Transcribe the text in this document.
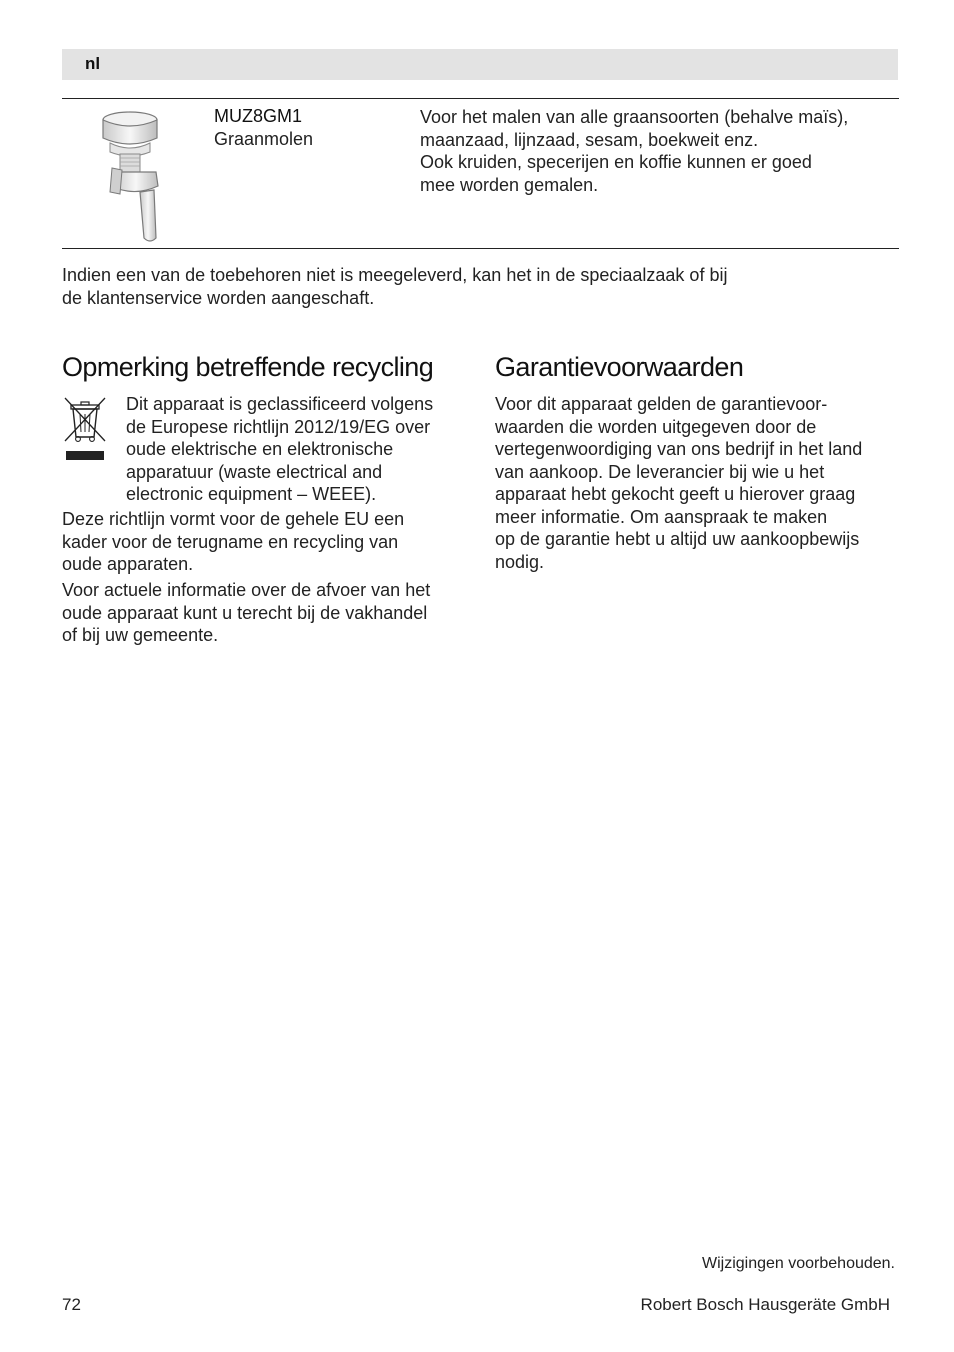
nl
MUZ8GM1
Graanmolen
Voor het malen van alle graansoorten (behalve maïs),
maanzaad, lijnzaad, sesam, boekweit enz.
Ook kruiden, specerijen en koffie kunnen er goed
mee worden gemalen.
Indien een van de toebehoren niet is meegeleverd, kan het in de speciaalzaak of bij
de klantenservice worden aangeschaft.
Opmerking betreffende recycling
Dit apparaat is geclassificeerd volgens
de Europese richtlijn 2012/19/EG over
oude elektrische en elektronische
apparatuur (waste electrical and
electronic equipment – WEEE).
Deze richtlijn vormt voor de gehele EU een
kader voor de terugname en recycling van
oude apparaten.
Voor actuele informatie over de afvoer van het
oude apparaat kunt u terecht bij de vakhandel
of bij uw gemeente.
Garantievoorwaarden
Voor dit apparaat gelden de garantievoor-
waarden die worden uitgegeven door de
vertegenwoordiging van ons bedrijf in het land
van aankoop. De leverancier bij wie u het
apparaat hebt gekocht geeft u hierover graag
meer informatie. Om aanspraak te maken
op de garantie hebt u altijd uw aankoopbewijs
nodig.
Wijzigingen voorbehouden.
72	Robert Bosch Hausgeräte GmbH
